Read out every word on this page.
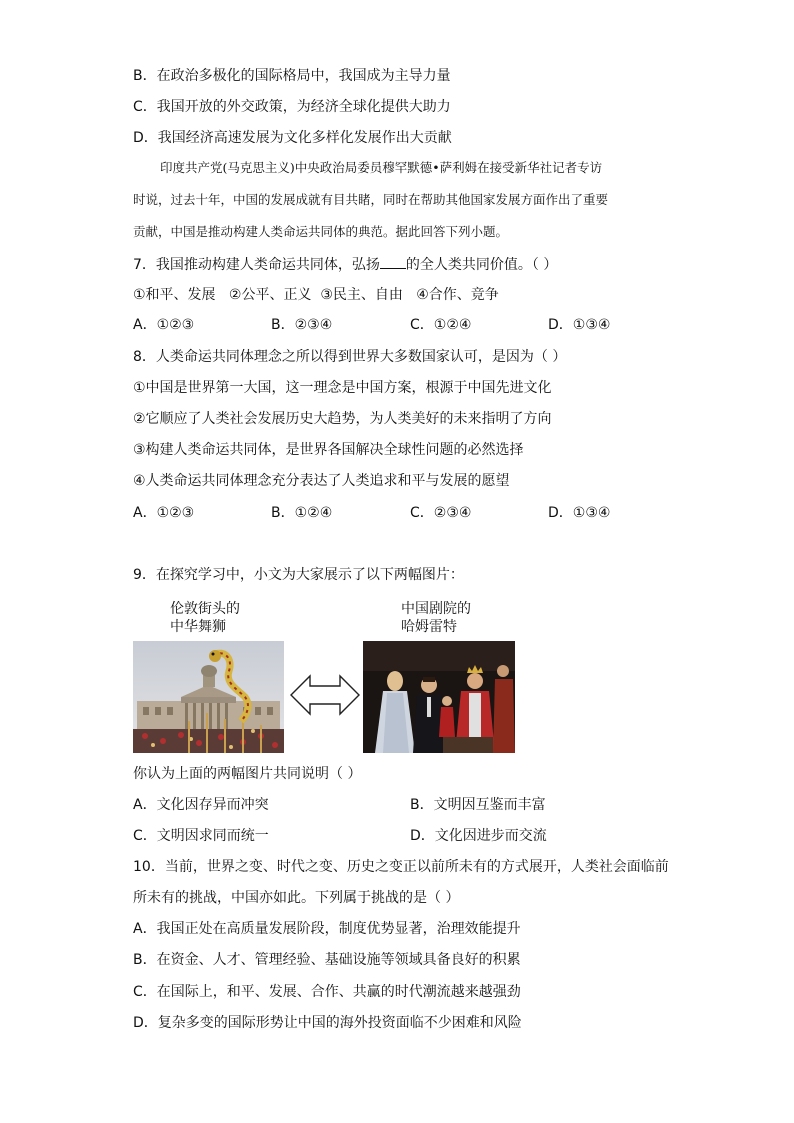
B．在政治多极化的国际格局中，我国成为主导力量
C．我国开放的外交政策，为经济全球化提供大助力
D．我国经济高速发展为文化多样化发展作出大贡献

印度共产党(马克思主义)中央政治局委员穆罕默德•萨利姆在接受新华社记者专访

时说，过去十年，中国的发展成就有目共睹，同时在帮助其他国家发展方面作出了重要

贡献，中国是推动构建人类命运共同体的典范。据此回答下列小题。

7．我国推动构建人类命运共同体，弘扬 的全人类共同价值。（ ）
①和平、发展   ②公平、正义  ③民主、自由   ④合作、竞争
A．①②③	B．②③④	C．①②④	D．①③④
8．人类命运共同体理念之所以得到世界大多数国家认可，是因为（ ）
①中国是世界第一大国，这一理念是中国方案，根源于中国先进文化
②它顺应了人类社会发展历史大趋势，为人类美好的未来指明了方向
③构建人类命运共同体，是世界各国解决全球性问题的必然选择
④人类命运共同体理念充分表达了人类追求和平与发展的愿望
A．①②③	B．①②④	C．②③④	D．①③④
9．在探究学习中，小文为大家展示了以下两幅图片：
伦敦街头的
中华舞狮
中国剧院的
哈姆雷特
你认为上面的两幅图片共同说明（ ）
A．文化因存异而冲突	B．文明因互鉴而丰富
C．文明因求同而统一	D．文化因进步而交流
10．当前，世界之变、时代之变、历史之变正以前所未有的方式展开，人类社会面临前
所未有的挑战，中国亦如此。下列属于挑战的是（ ）
A．我国正处在高质量发展阶段，制度优势显著，治理效能提升
B．在资金、人才、管理经验、基础设施等领域具备良好的积累
C．在国际上，和平、发展、合作、共赢的时代潮流越来越强劲
D．复杂多变的国际形势让中国的海外投资面临不少困难和风险
